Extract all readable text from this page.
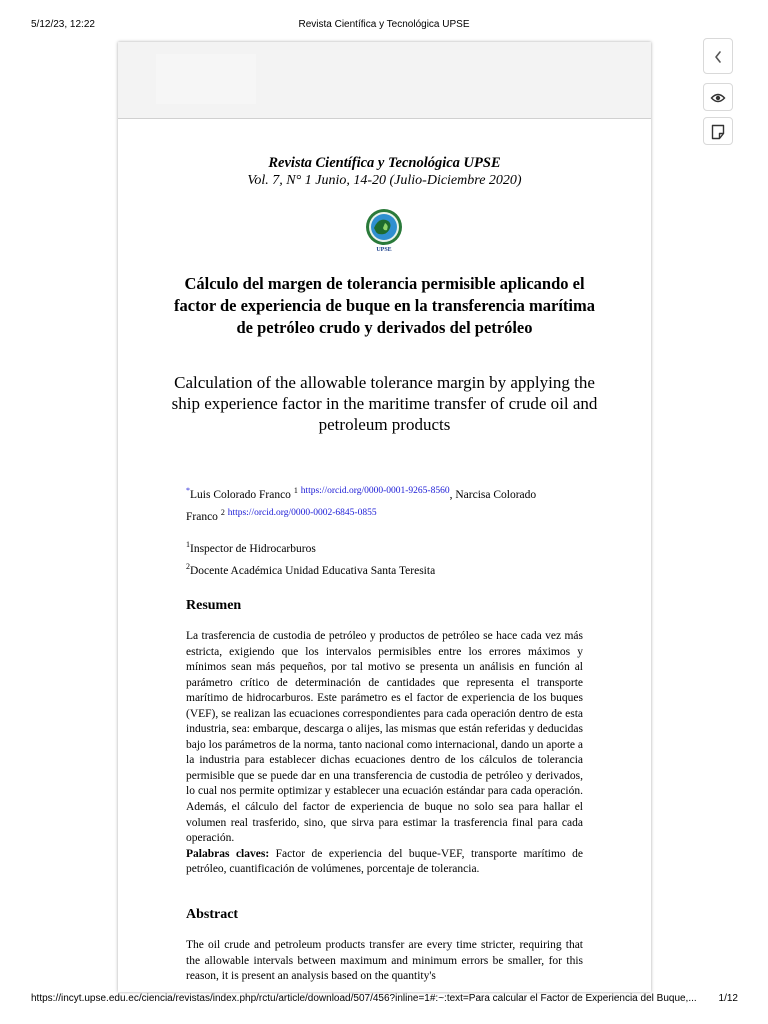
5/12/23, 12:22	Revista Científica y Tecnológica UPSE
Revista Científica y Tecnológica UPSE
Vol. 7, N° 1 Junio, 14-20 (Julio-Diciembre 2020)
UPSE
Cálculo del margen de tolerancia permisible aplicando el factor de experiencia de buque en la transferencia marítima de petróleo crudo y derivados del petróleo
Calculation of the allowable tolerance margin by applying the ship experience factor in the maritime transfer of crude oil and petroleum products
*Luis Colorado Franco $^1$ $^{https://orcid.org/0000-0001-9265-8560}$, Narcisa Colorado
Franco $^2$ $^{https://orcid.org/0000-0002-6845-0855}$
$^1$Inspector de Hidrocarburos
$^2$Docente Académica Unidad Educativa Santa Teresita
Resumen
La trasferencia de custodia de petróleo y productos de petróleo se hace cada vez más estricta, exigiendo que los intervalos permisibles entre los errores máximos y mínimos sean más pequeños, por tal motivo se presenta un análisis en función al parámetro crítico de determinación de cantidades que representa el transporte marítimo de hidrocarburos. Este parámetro es el factor de experiencia de los buques (VEF), se realizan las ecuaciones correspondientes para cada operación dentro de esta industria, sea: embarque, descarga o alijes, las mismas que están referidas y deducidas bajo los parámetros de la norma, tanto nacional como internacional, dando un aporte a la industria para establecer dichas ecuaciones dentro de los cálculos de tolerancia permisible que se puede dar en una transferencia de custodia de petróleo y derivados, lo cual nos permite optimizar y establecer una ecuación estándar para cada operación. Además, el cálculo del factor de experiencia de buque no solo sea para hallar el volumen real trasferido, sino, que sirva para estimar la trasferencia final para cada operación.
Palabras claves: Factor de experiencia del buque-VEF, transporte marítimo de petróleo, cuantificación de volúmenes, porcentaje de tolerancia.
Abstract
The oil crude and petroleum products transfer are every time stricter, requiring that the allowable intervals between maximum and minimum errors be smaller, for this reason, it is present an analysis based on the quantity's
https://incyt.upse.edu.ec/ciencia/revistas/index.php/rctu/article/download/507/456?inline=1#:~:text=Para calcular el Factor de Experiencia del Buque,...	1/12
